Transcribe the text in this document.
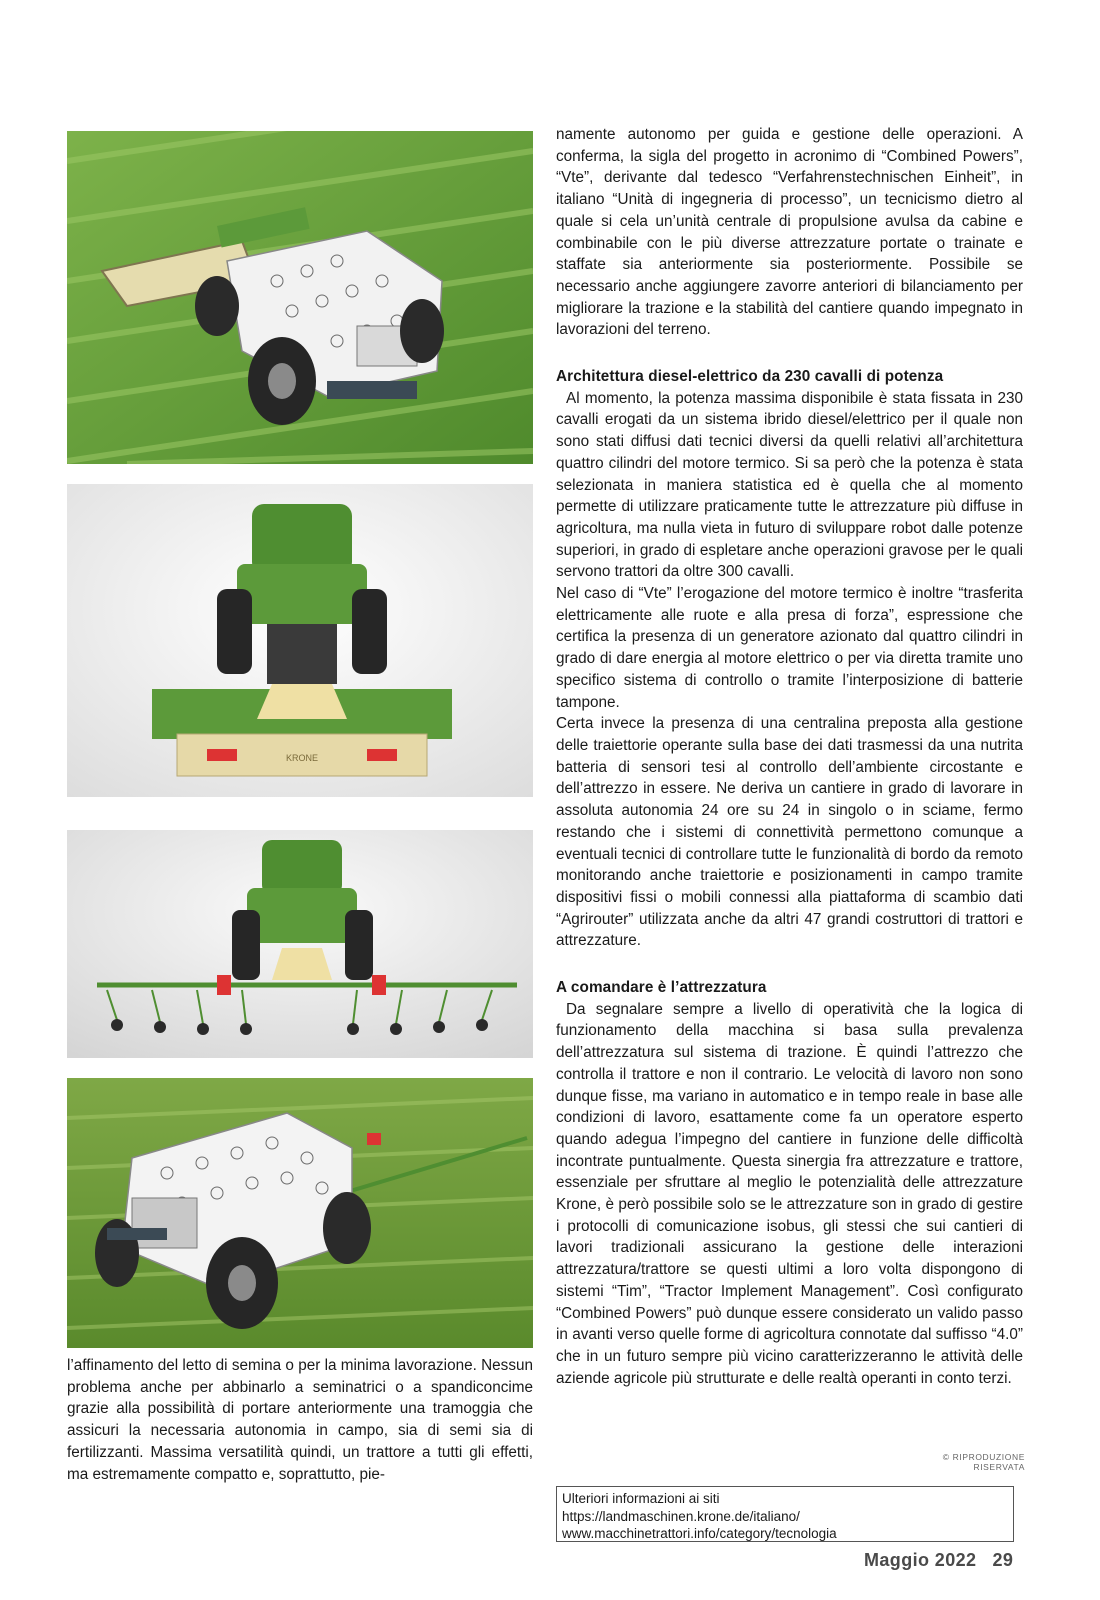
KRONE

namente autonomo per guida e gestione delle operazioni. A conferma, la sigla del progetto in acronimo di “Combined Powers”, “Vte”, derivante dal tedesco “Verfahrenstechnischen Einheit”, in italiano “Unità di ingegneria di processo”, un tecnicismo dietro al quale si cela un’unità centrale di propulsione avulsa da cabine e combinabile con le più diverse attrezzature portate o trainate e staffate sia anteriormente sia posteriormente. Possibile se necessario anche aggiungere zavorre anteriori di bilanciamento per migliorare la trazione e la stabilità del cantiere quando impegnato in lavorazioni del terreno.

Architettura diesel-elettrico da 230 cavalli di potenza

Al momento, la potenza massima disponibile è stata fissata in 230 cavalli erogati da un sistema ibrido diesel/elettrico per il quale non sono stati diffusi dati tecnici diversi da quelli relativi all’architettura quattro cilindri del motore termico. Si sa però che la potenza è stata selezionata in maniera statistica ed è quella che al momento permette di utilizzare praticamente tutte le attrezzature più diffuse in agricoltura, ma nulla vieta in futuro di sviluppare robot dalle potenze superiori, in grado di espletare anche operazioni gravose per le quali servono trattori da oltre 300 cavalli.

Nel caso di “Vte” l’erogazione del motore termico è inoltre “trasferita elettricamente alle ruote e alla presa di forza”, espressione che certifica la presenza di un generatore azionato dal quattro cilindri in grado di dare energia al motore elettrico o per via diretta tramite uno specifico sistema di controllo o tramite l’interposizione di batterie tampone.

Certa invece la presenza di una centralina preposta alla gestione delle traiettorie operante sulla base dei dati trasmessi da una nutrita batteria di sensori tesi al controllo dell’ambiente circostante e dell’attrezzo in essere. Ne deriva un cantiere in grado di lavorare in assoluta autonomia 24 ore su 24 in singolo o in sciame, fermo restando che i sistemi di connettività permettono comunque a eventuali tecnici di controllare tutte le funzionalità di bordo da remoto monitorando anche traiettorie e posizionamenti in campo tramite dispositivi fissi o mobili connessi alla piattaforma di scambio dati “Agrirouter” utilizzata anche da altri 47 grandi costruttori di trattori e attrezzature.

A comandare è l’attrezzatura

Da segnalare sempre a livello di operatività che la logica di funzionamento della macchina si basa sulla prevalenza dell’attrezzatura sul sistema di trazione. È quindi l’attrezzo che controlla il trattore e non il contrario. Le velocità di lavoro non sono dunque fisse, ma variano in automatico e in tempo reale in base alle condizioni di lavoro, esattamente come fa un operatore esperto quando adegua l’impegno del cantiere in funzione delle difficoltà incontrate puntualmente. Questa sinergia fra attrezzature e trattore, essenziale per sfruttare al meglio le potenzialità delle attrezzature Krone, è però possibile solo se le attrezzature son in grado di gestire i protocolli di comunicazione isobus, gli stessi che sui cantieri di lavori tradizionali assicurano la gestione delle interazioni attrezzatura/trattore se questi ultimi a loro volta dispongono di sistemi “Tim”, “Tractor Implement Management”. Così configurato “Combined Powers” può dunque essere considerato un valido passo in avanti verso quelle forme di agricoltura connotate dal suffisso “4.0” che in un futuro sempre più vicino caratterizzeranno le attività delle aziende agricole più strutturate e delle realtà operanti in conto terzi.

© RIPRODUZIONE RISERVATA
Ulteriori informazioni ai siti
https://landmaschinen.krone.de/italiano/
www.macchinetrattori.info/category/tecnologia

l’affinamento del letto di semina o per la minima lavorazione. Nessun problema anche per abbinarlo a seminatrici o a spandiconcime grazie alla possibilità di portare anteriormente una tramoggia che assicuri la necessaria autonomia in campo, sia di semi sia di fertilizzanti. Massima versatilità quindi, un trattore a tutti gli effetti, ma estremamente compatto e, soprattutto, pie-

Maggio 2022 29
